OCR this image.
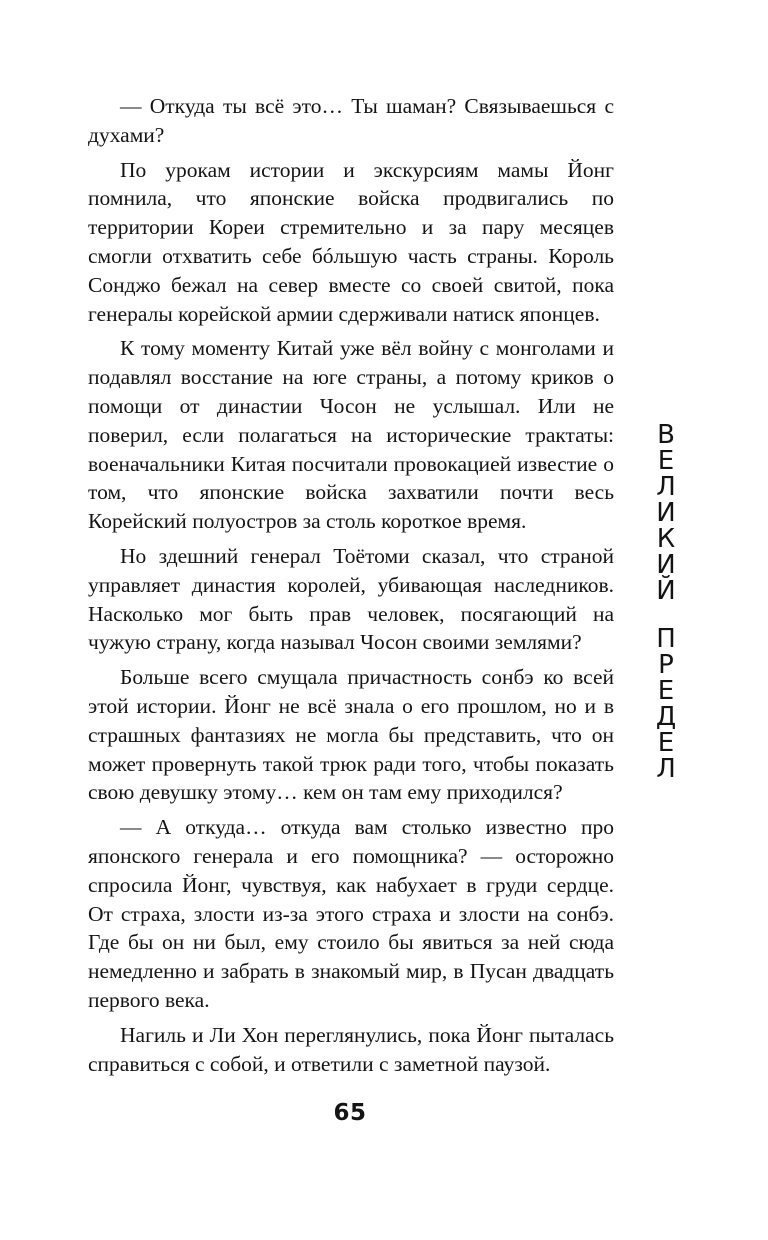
— Откуда ты всё это… Ты шаман? Связываешься с духами?

По урокам истории и экскурсиям мамы Йонг помнила, что японские войска продвигались по территории Кореи стремительно и за пару месяцев смогли отхватить себе бóльшую часть страны. Король Сонджо бежал на север вместе со своей свитой, пока генералы корейской армии сдерживали натиск японцев.

К тому моменту Китай уже вёл войну с монголами и подавлял восстание на юге страны, а потому криков о помощи от династии Чосон не услышал. Или не поверил, если полагаться на исторические трактаты: военачальники Китая посчитали провокацией известие о том, что японские войска захватили почти весь Корейский полуостров за столь короткое время.

Но здешний генерал Тоётоми сказал, что страной управляет династия королей, убивающая наследников. Насколько мог быть прав человек, посягающий на чужую страну, когда называл Чосон своими землями?

Больше всего смущала причастность сонбэ ко всей этой истории. Йонг не всё знала о его прошлом, но и в страшных фантазиях не могла бы представить, что он может провернуть такой трюк ради того, чтобы показать свою девушку этому… кем он там ему приходился?

— А откуда… откуда вам столько известно про японского генерала и его помощника? — осторожно спросила Йонг, чувствуя, как набухает в груди сердце. От страха, злости из-за этого страха и злости на сонбэ. Где бы он ни был, ему стоило бы явиться за ней сюда немедленно и забрать в знакомый мир, в Пусан двадцать первого века.

Нагиль и Ли Хон переглянулись, пока Йонг пыталась справиться с собой, и ответили с заметной паузой.

В
Е
Л
И
К
И
Й
П
Р
Е
Д
Е
Л
65
